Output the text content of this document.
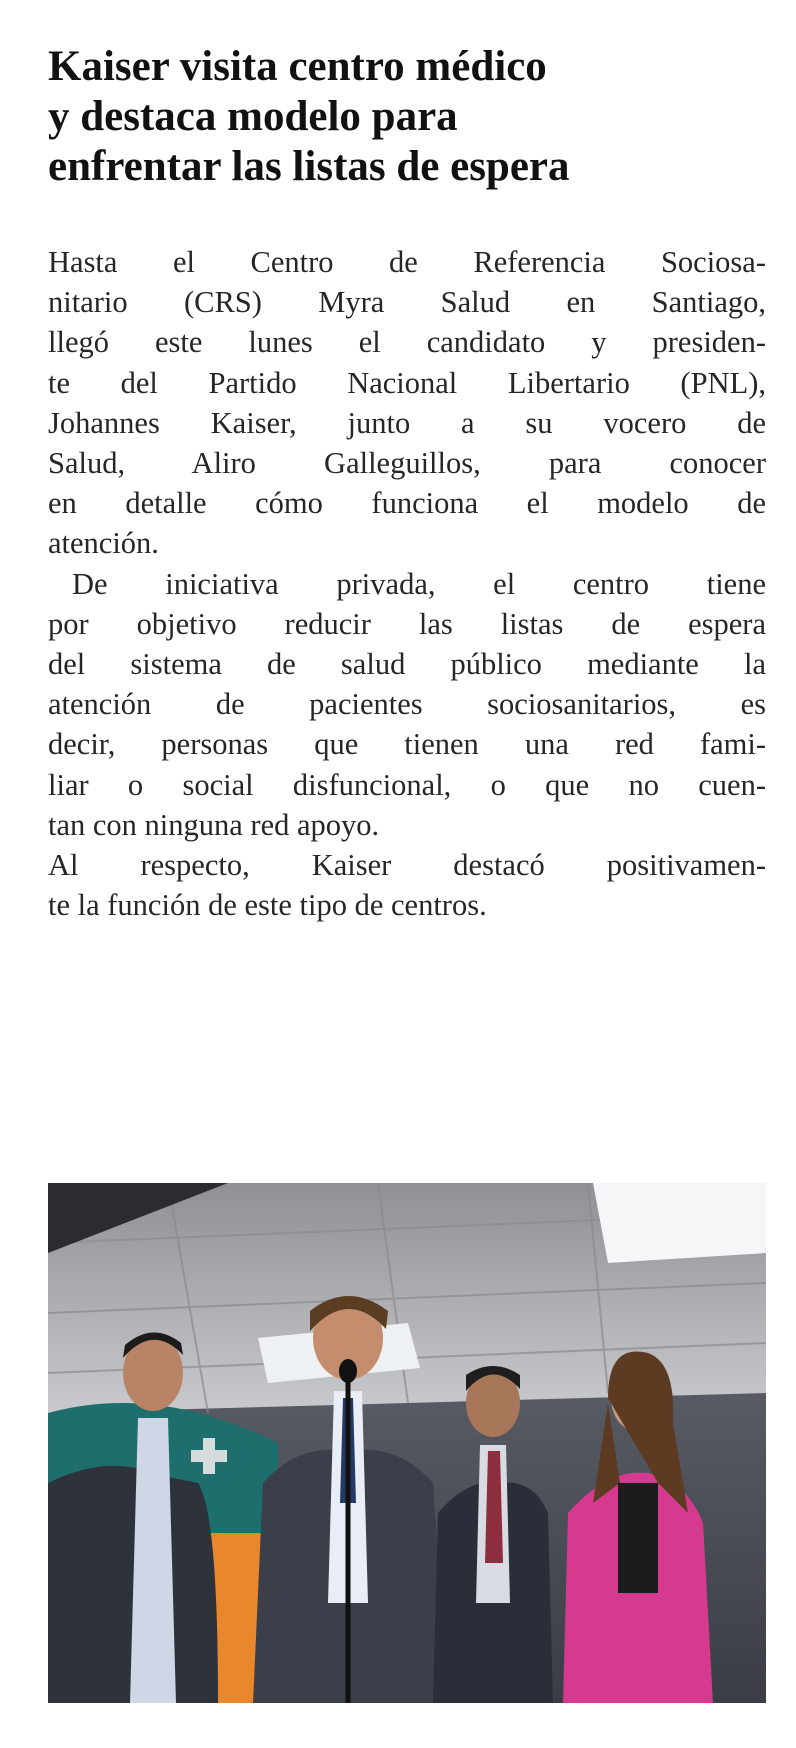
Kaiser visita centro médico
y destaca modelo para
enfrentar las listas de espera
Hasta el Centro de Referencia Sociosa-
nitario (CRS) Myra Salud en Santiago,
llegó este lunes el candidato y presiden-
te del Partido Nacional Libertario (PNL),
Johannes Kaiser, junto a su vocero de
Salud, Aliro Galleguillos, para conocer
en detalle cómo funciona el modelo de
atención.
De iniciativa privada, el centro tiene
por objetivo reducir las listas de espera
del sistema de salud público mediante la
atención de pacientes sociosanitarios, es
decir, personas que tienen una red fami-
liar o social disfuncional, o que no cuen-
tan con ninguna red apoyo.
Al respecto, Kaiser destacó positivamen-
te la función de este tipo de centros.
